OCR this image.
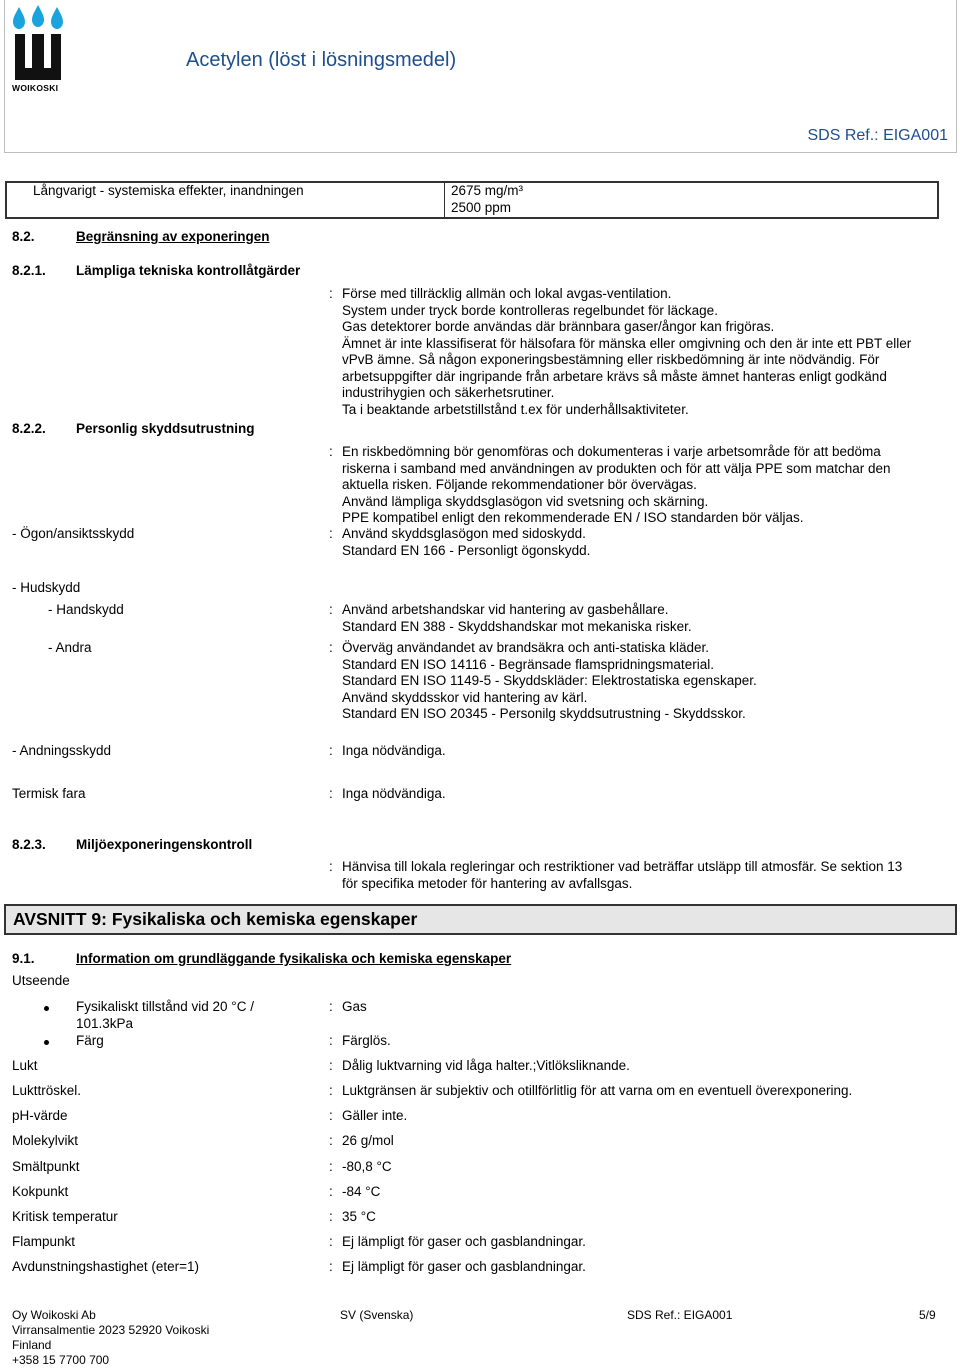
WOIKOSKI
Acetylen (löst i lösningsmedel)
SDS Ref.: EIGA001
Långvarigt - systemiska effekter, inandningen	2675 mg/m³
2500 ppm
8.2.	Begränsning av exponeringen
8.2.1. Lämpliga tekniska kontrollåtgärder
: Förse med tillräcklig allmän och lokal avgas-ventilation.
System under tryck borde kontrolleras regelbundet för läckage.
Gas detektorer borde användas där brännbara gaser/ångor kan frigöras.
Ämnet är inte klassifiserat för hälsofara för mänska eller omgivning och den är inte ett PBT eller
vPvB ämne. Så någon exponeringsbestämning eller riskbedömning är inte nödvändig. För
arbetsuppgifter där ingripande från arbetare krävs så måste ämnet hanteras enligt godkänd
industrihygien och säkerhetsrutiner.
Ta i beaktande arbetstillstånd t.ex för underhållsaktiviteter.
8.2.2. Personlig skyddsutrustning
: En riskbedömning bör genomföras och dokumenteras i varje arbetsområde för att bedöma
riskerna i samband med användningen av produkten och för att välja PPE som matchar den
aktuella risken. Följande rekommendationer bör övervägas.
Använd lämpliga skyddsglasögon vid svetsning och skärning.
PPE kompatibel enligt den rekommenderade EN / ISO standarden bör väljas.
- Ögon/ansiktsskydd	: Använd skyddsglasögon med sidoskydd.
Standard EN 166 - Personligt ögonskydd.
- Hudskydd
- Handskydd	: Använd arbetshandskar vid hantering av gasbehållare.
Standard EN 388 - Skyddshandskar mot mekaniska risker.
- Andra	: Överväg användandet av brandsäkra och anti-statiska kläder.
Standard EN ISO 14116 - Begränsade flamspridningsmaterial.
Standard EN ISO 1149-5 - Skyddskläder: Elektrostatiska egenskaper.
Använd skyddsskor vid hantering av kärl.
Standard EN ISO 20345 - Personilg skyddsutrustning - Skyddsskor.
- Andningsskydd	: Inga nödvändiga.
Termisk fara	: Inga nödvändiga.
8.2.3. Miljöexponeringenskontroll
: Hänvisa till lokala regleringar och restriktioner vad beträffar utsläpp till atmosfär. Se sektion 13
för specifika metoder för hantering av avfallsgas.
AVSNITT 9: Fysikaliska och kemiska egenskaper
9.1.	Information om grundläggande fysikaliska och kemiska egenskaper
Utseende
Fysikaliskt tillstånd vid 20 °C /
101.3kPa
: Gas
Färg	: Färglös.
Lukt	: Dålig luktvarning vid låga halter.;Vitlöksliknande.
Lukttröskel.	: Luktgränsen är subjektiv och otillförlitlig för att varna om en eventuell överexponering.
pH-värde	: Gäller inte.
Molekylvikt	: 26 g/mol
Smältpunkt	: -80,8 °C
Kokpunkt	: -84 °C
Kritisk temperatur	: 35 °C
Flampunkt	: Ej lämpligt för gaser och gasblandningar.
Avdunstningshastighet (eter=1)	: Ej lämpligt för gaser och gasblandningar.
Oy Woikoski Ab
Virransalmentie 2023 52920 Voikoski
Finland
+358 15 7700 700
SV (Svenska)	SDS Ref.: EIGA001	5/9
